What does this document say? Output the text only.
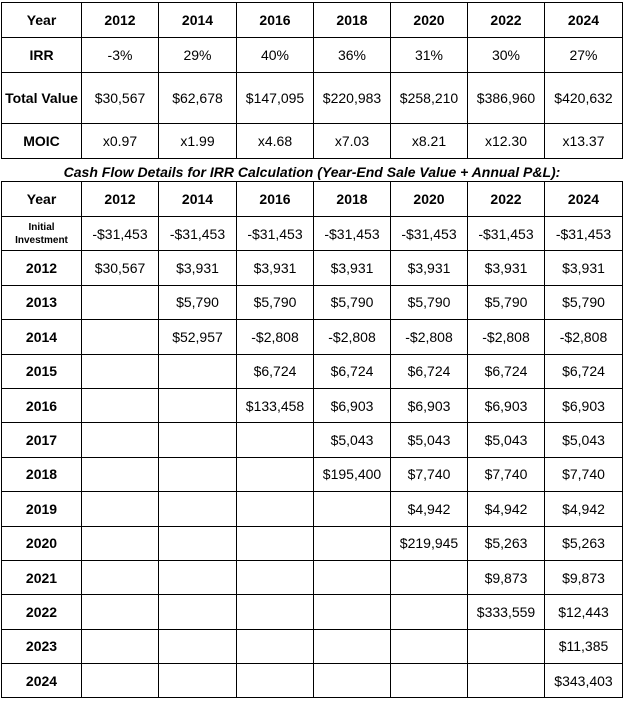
Year	2012	2014	2016	2018	2020	2022	2024
IRR	-3%	29%	40%	36%	31%	30%	27%
Total Value	$30,567	$62,678	$147,095	$220,983	$258,210	$386,960	$420,632
MOIC	x0.97	x1.99	x4.68	x7.03	x8.21	x12.30	x13.37
Cash Flow Details for IRR Calculation (Year-End Sale Value + Annual P&L):
Year	2012	2014	2016	2018	2020	2022	2024
Initial Investment	-$31,453	-$31,453	-$31,453	-$31,453	-$31,453	-$31,453	-$31,453
2012	$30,567	$3,931	$3,931	$3,931	$3,931	$3,931	$3,931
2013		$5,790	$5,790	$5,790	$5,790	$5,790	$5,790
2014		$52,957	-$2,808	-$2,808	-$2,808	-$2,808	-$2,808
2015			$6,724	$6,724	$6,724	$6,724	$6,724
2016			$133,458	$6,903	$6,903	$6,903	$6,903
2017				$5,043	$5,043	$5,043	$5,043
2018				$195,400	$7,740	$7,740	$7,740
2019					$4,942	$4,942	$4,942
2020					$219,945	$5,263	$5,263
2021						$9,873	$9,873
2022						$333,559	$12,443
2023							$11,385
2024							$343,403
